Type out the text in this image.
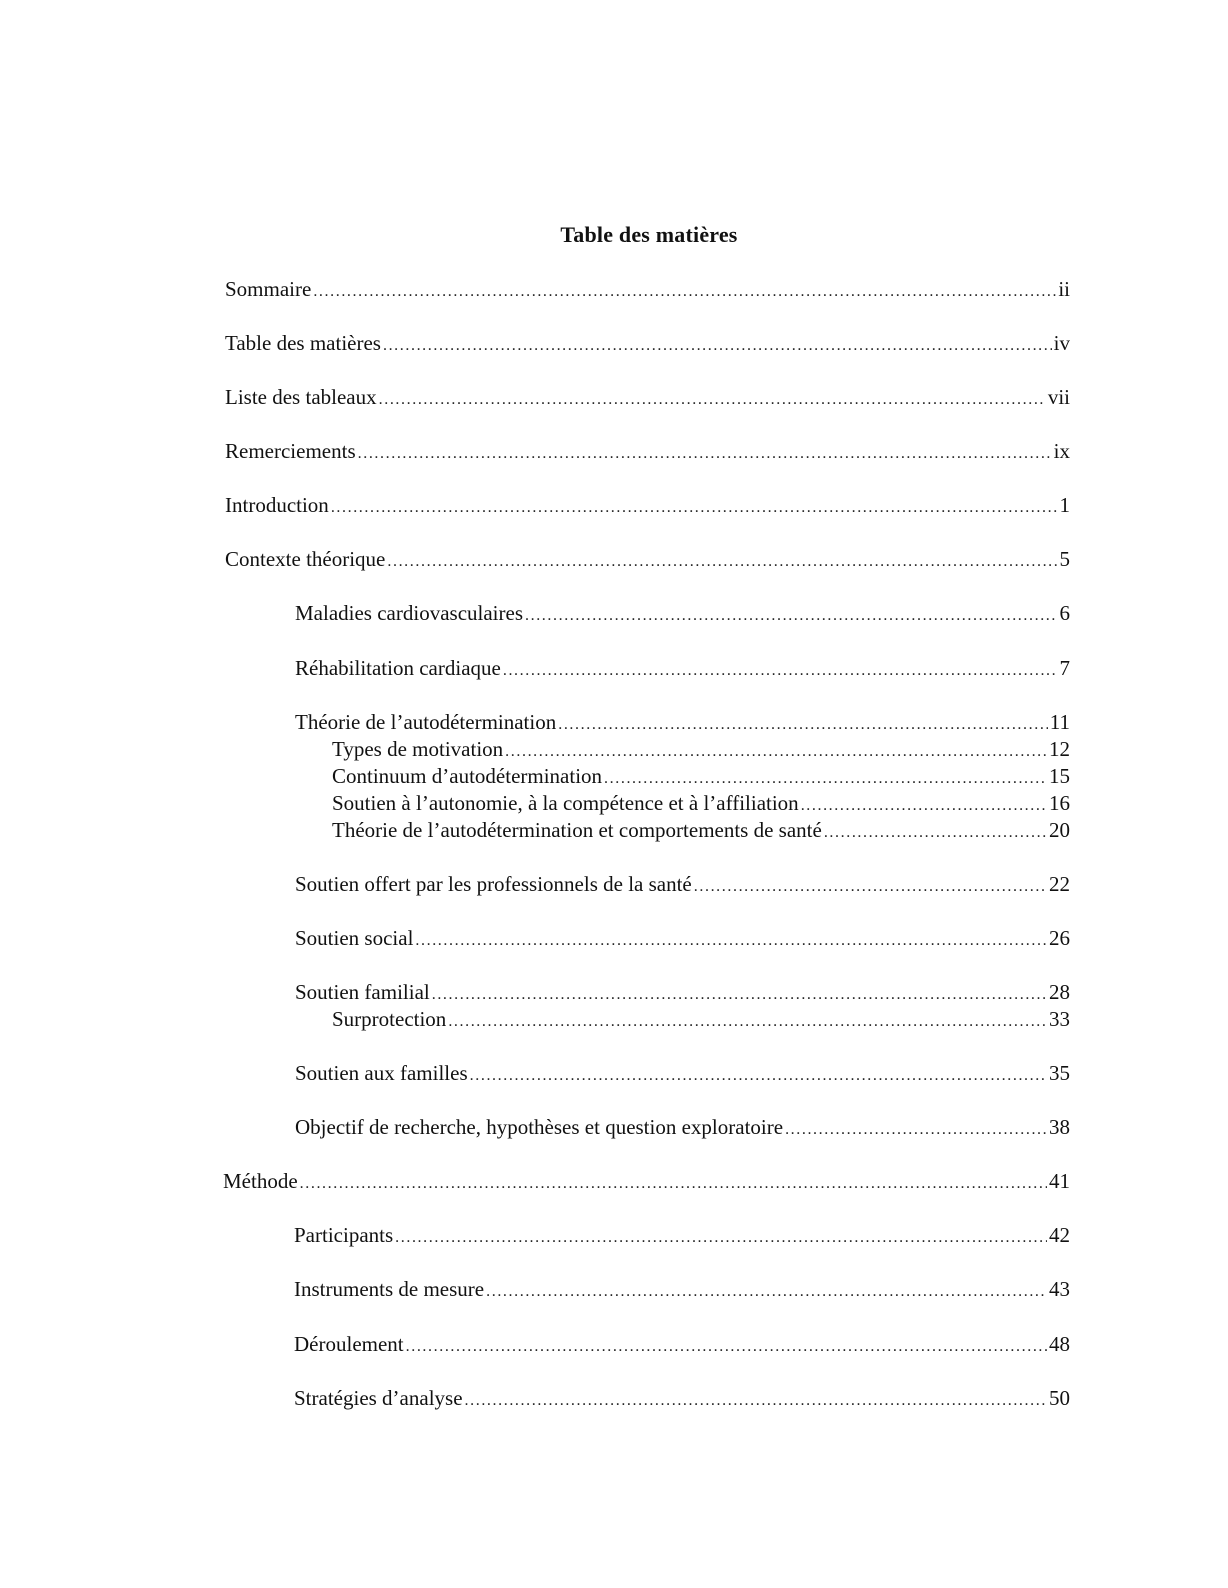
Table des matières
Sommaire .....	ii
Table des matières .....	iv
Liste des tableaux .....	vii
Remerciements .....	ix
Introduction .....	1
Contexte théorique .....	5
Maladies cardiovasculaires .....	6
Réhabilitation cardiaque .....	7
Théorie de l’autodétermination .....	11
Types de motivation .....	12
Continuum d’autodétermination .....	15
Soutien à l’autonomie, à la compétence et à l’affiliation .....	16
Théorie de l’autodétermination et comportements de santé .....	20
Soutien offert par les professionnels de la santé .....	22
Soutien social .....	26
Soutien familial .....	28
Surprotection .....	33
Soutien aux familles .....	35
Objectif de recherche, hypothèses et question exploratoire .....	38
Méthode .....	41
Participants .....	42
Instruments de mesure .....	43
Déroulement .....	48
Stratégies d’analyse .....	50
